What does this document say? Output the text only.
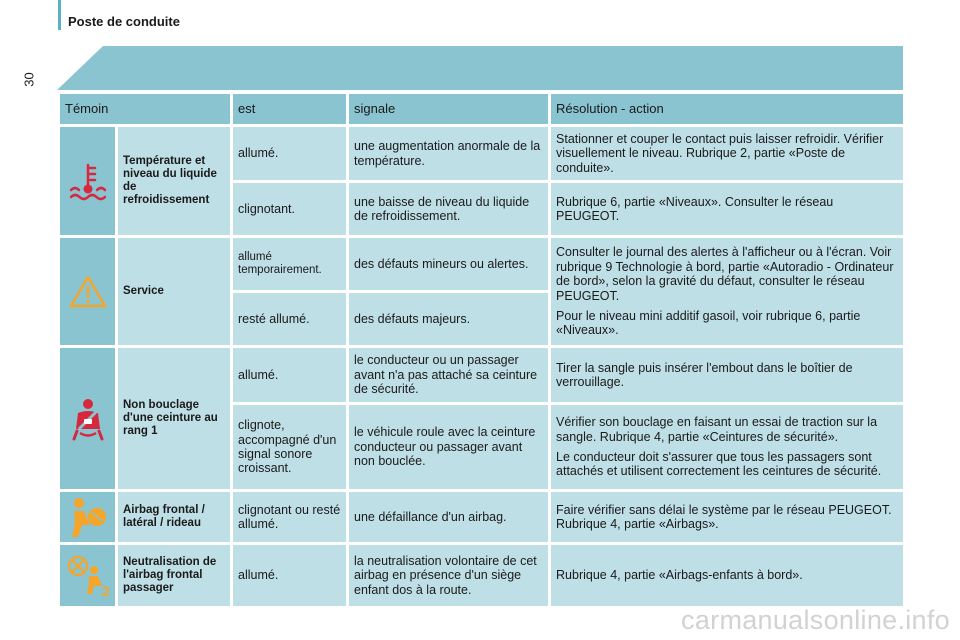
Poste de conduite
30
Témoin		est	signale	Résolution - action

	Température et niveau du liquide de refroidissement	allumé.	une augmentation anormale de la température.	Stationner et couper le contact puis laisser refroidir. Vérifier visuellement le niveau. Rubrique 2, partie «Poste de conduite».

		clignotant.	une baisse de niveau du liquide de refroidissement.	Rubrique 6, partie «Niveaux». Consulter le réseau PEUGEOT.

	Service	allumé temporairement.	des défauts mineurs ou alertes.	Consulter le journal des alertes à l'afficheur ou à l'écran. Voir rubrique 9 Technologie à bord, partie «Autoradio - Ordinateur de bord», selon la gravité du défaut, consulter le réseau PEUGEOT.

Pour le niveau mini additif gasoil, voir rubrique 6, partie «Niveaux».

		resté allumé.	des défauts majeurs.	

	Non bouclage d'une ceinture au rang 1	allumé.	le conducteur ou un passager avant n'a pas attaché sa ceinture de sécurité.	Tirer la sangle puis insérer l'embout dans le boîtier de verrouillage.

		clignote, accompagné d'un signal sonore croissant.	le véhicule roule avec la ceinture conducteur ou passager avant non bouclée.	Vérifier son bouclage en faisant un essai de traction sur la sangle. Rubrique 4, partie «Ceintures de sécurité».

Le conducteur doit s'assurer que tous les passagers sont attachés et utilisent correctement les ceintures de sécurité.

	Airbag frontal / latéral / rideau	clignotant ou resté allumé.	une défaillance d'un airbag.	Faire vérifier sans délai le système par le réseau PEUGEOT. Rubrique 4, partie «Airbags».

2	Neutralisation de l'airbag frontal passager	allumé.	la neutralisation volontaire de cet airbag en présence d'un siège enfant dos à la route.	Rubrique 4, partie «Airbags-enfants à bord».

carmanualsonline.info
